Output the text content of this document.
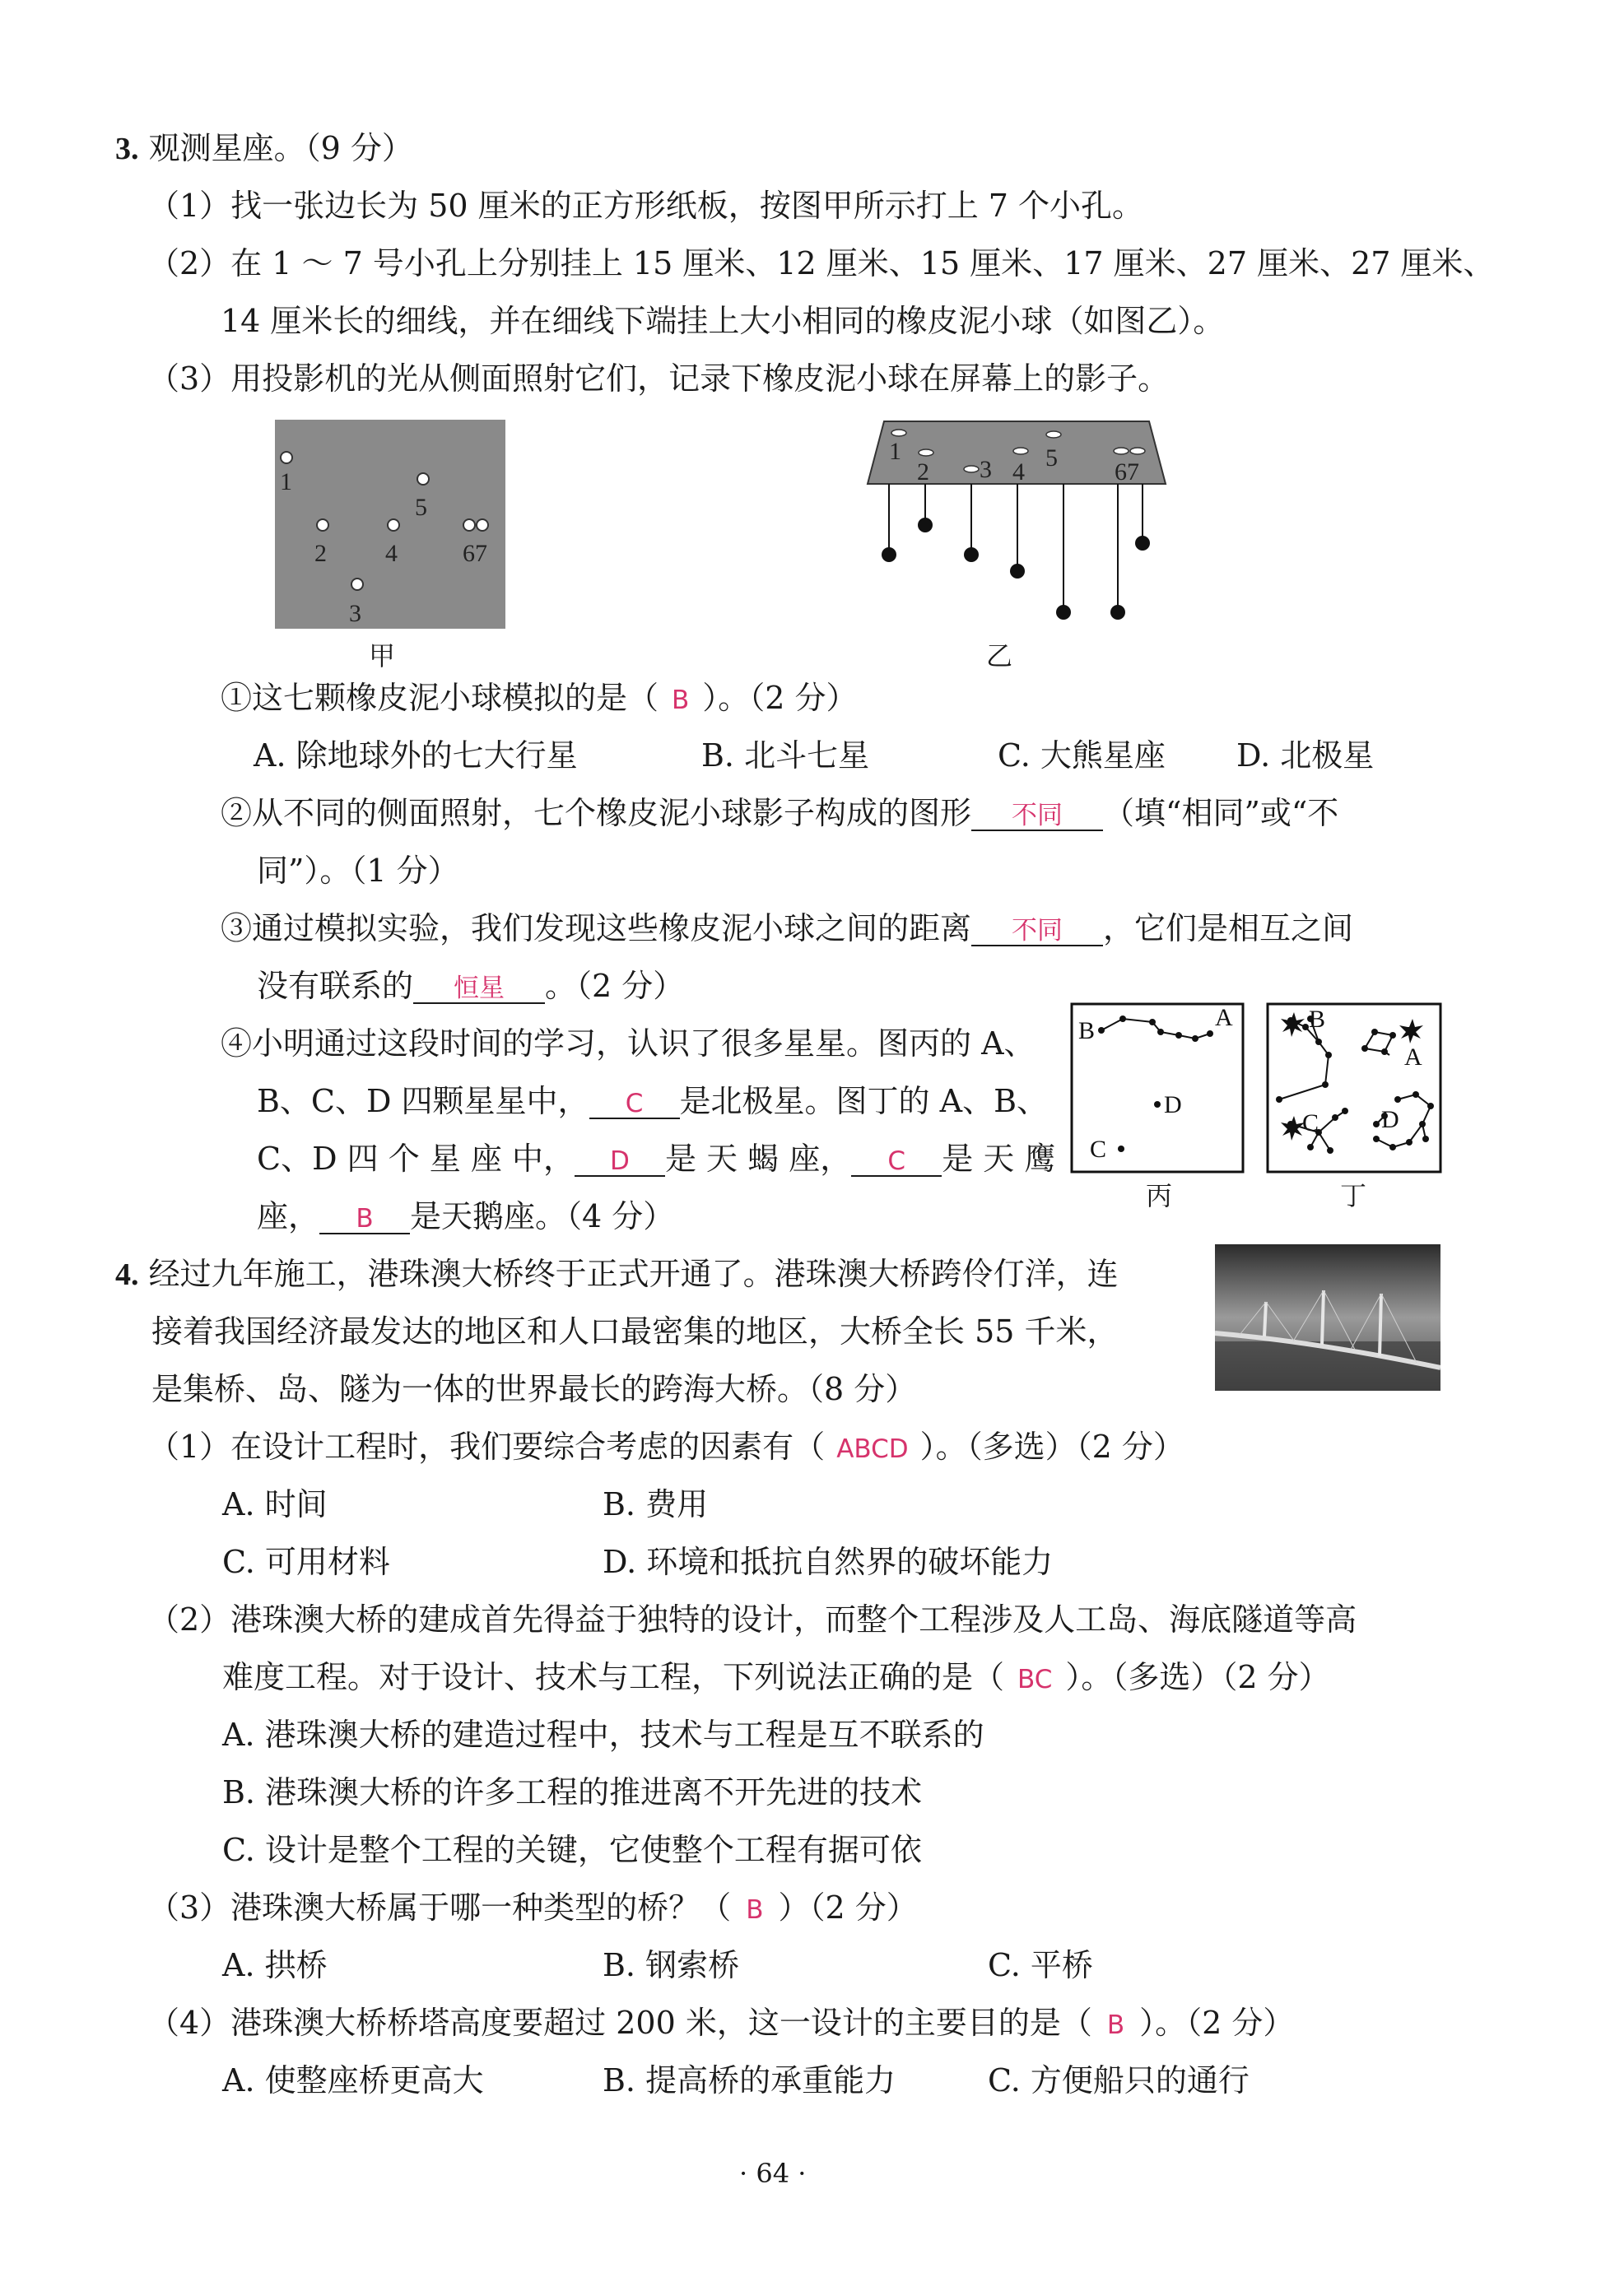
3. 观测星座。（9 分）
（1）找一张边长为 50 厘米的正方形纸板，按图甲所示打上 7 个小孔。
（2）在 1 ～ 7 号小孔上分别挂上 15 厘米、12 厘米、15 厘米、17 厘米、27 厘米、27 厘米、
14 厘米长的细线，并在细线下端挂上大小相同的橡皮泥小球（如图乙）。
（3）用投影机的光从侧面照射它们，记录下橡皮泥小球在屏幕上的影子。
1
2
3
4
5
67
甲
1
2 3 4
5
67
乙
①这七颗橡皮泥小球模拟的是（ B ）。（2 分）
A. 除地球外的七大行星	B. 北斗七星	C. 大熊星座 D. 北极星
②从不同的侧面照射，七个橡皮泥小球影子构成的图形 不同 （填“相同”或“不
同”）。（1 分）
③通过模拟实验，我们发现这些橡皮泥小球之间的距离 不同 ，它们是相互之间
没有联系的 恒星 。（2 分）
④小明通过这段时间的学习，认识了很多星星。图丙的 A、
B、C、D 四颗星星中， C 是北极星。图丁的 A、B、
C、D 四 个 星 座 中， D 是 天 蝎 座， C 是 天 鹰
座， B 是天鹅座。（4 分）
A
B
D
C
丙
B
A
C	D
丁
4. 经过九年施工，港珠澳大桥终于正式开通了。港珠澳大桥跨伶仃洋，连
接着我国经济最发达的地区和人口最密集的地区，大桥全长 55 千米，
是集桥、岛、隧为一体的世界最长的跨海大桥。（8 分）
（1）在设计工程时，我们要综合考虑的因素有（ ABCD ）。（多选）（2 分）
A. 时间	B. 费用
C. 可用材料	D. 环境和抵抗自然界的破坏能力
（2）港珠澳大桥的建成首先得益于独特的设计，而整个工程涉及人工岛、海底隧道等高
难度工程。对于设计、技术与工程，下列说法正确的是（ BC ）。（多选）（2 分）
A. 港珠澳大桥的建造过程中，技术与工程是互不联系的
B. 港珠澳大桥的许多工程的推进离不开先进的技术
C. 设计是整个工程的关键，它使整个工程有据可依
（3）港珠澳大桥属于哪一种类型的桥？（ B ）（2 分）
A. 拱桥	B. 钢索桥	C. 平桥
（4）港珠澳大桥桥塔高度要超过 200 米，这一设计的主要目的是（ B ）。（2 分）
A. 使整座桥更高大	B. 提高桥的承重能力	C. 方便船只的通行
· 64 ·
